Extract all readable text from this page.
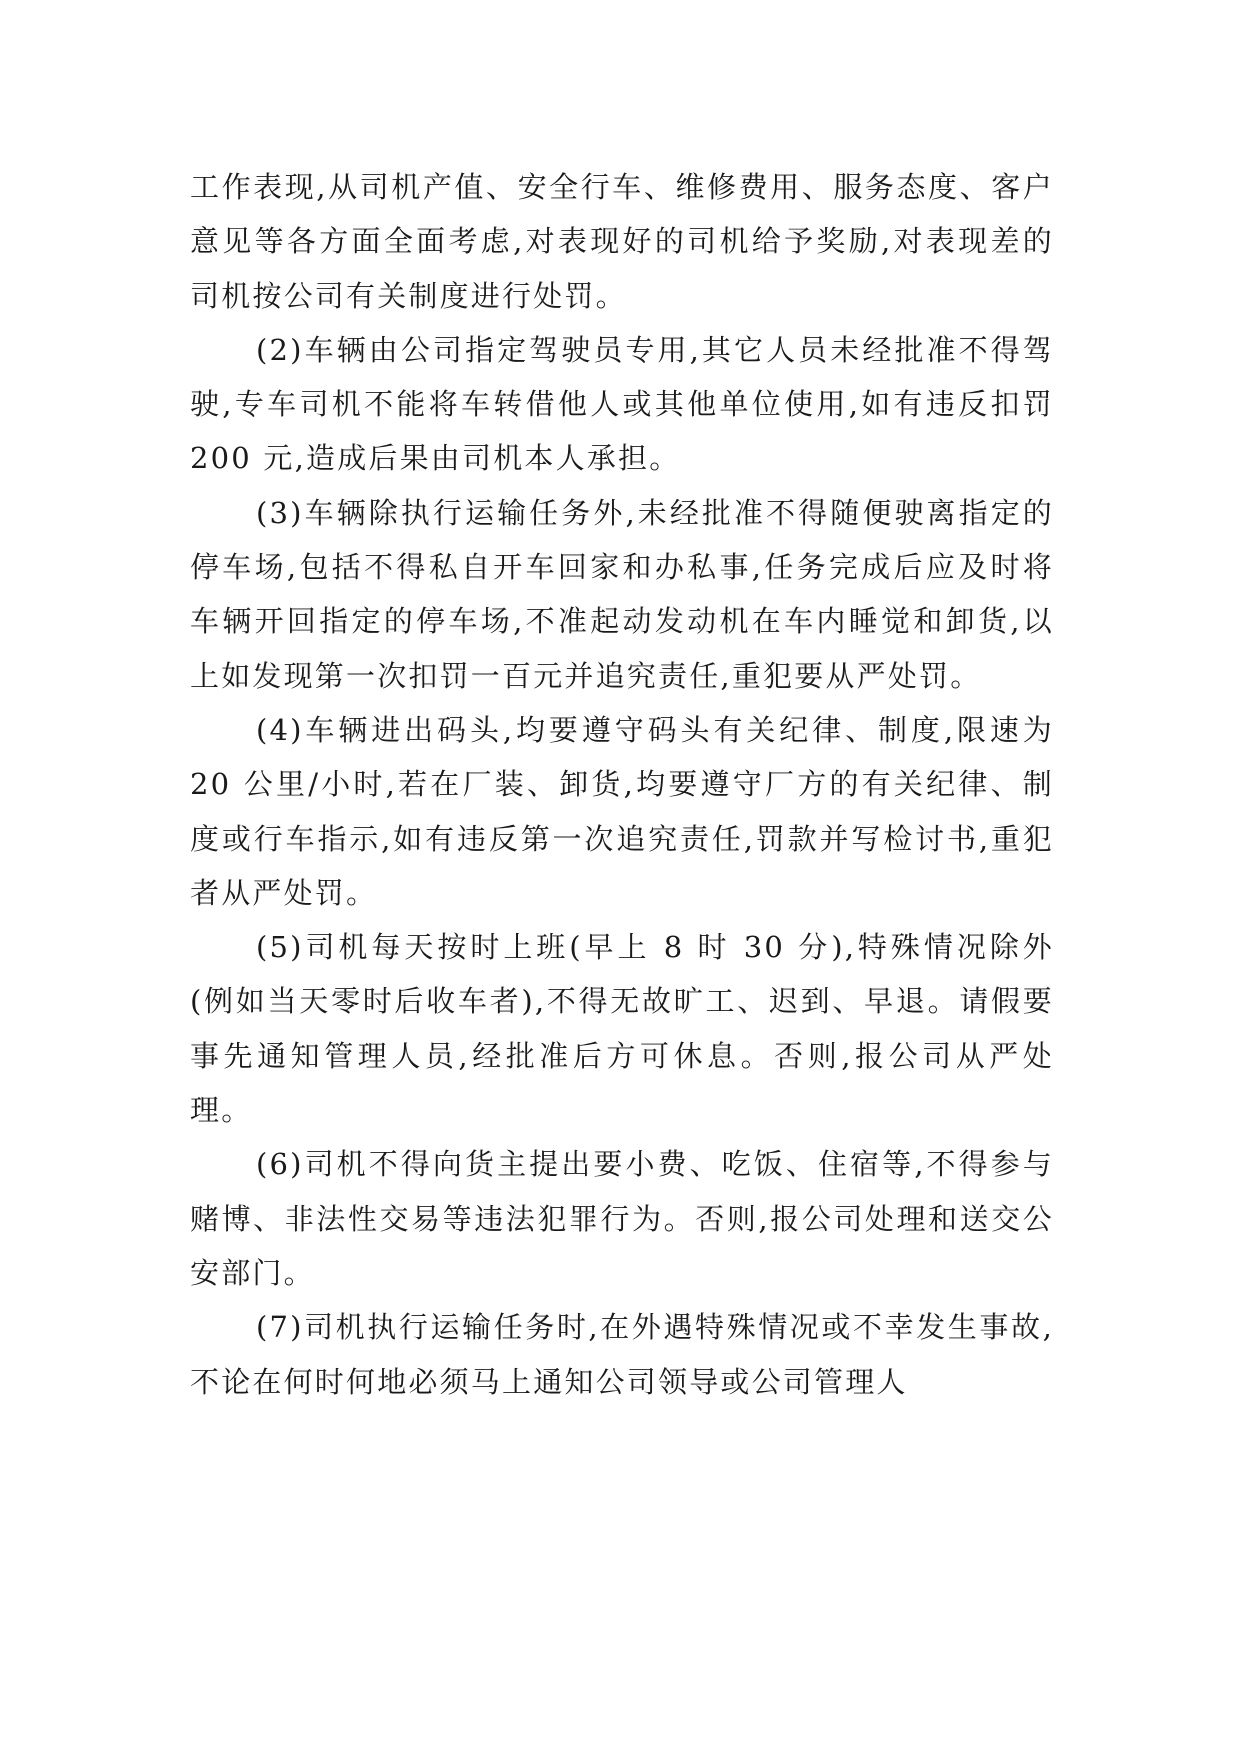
工作表现,从司机产值、安全行车、维修费用、服务态度、客户意见等各方面全面考虑,对表现好的司机给予奖励,对表现差的司机按公司有关制度进行处罚。

(2)车辆由公司指定驾驶员专用,其它人员未经批准不得驾驶,专车司机不能将车转借他人或其他单位使用,如有违反扣罚 200 元,造成后果由司机本人承担。

(3)车辆除执行运输任务外,未经批准不得随便驶离指定的停车场,包括不得私自开车回家和办私事,任务完成后应及时将车辆开回指定的停车场,不准起动发动机在车内睡觉和卸货,以上如发现第一次扣罚一百元并追究责任,重犯要从严处罚。

(4)车辆进出码头,均要遵守码头有关纪律、制度,限速为 20 公里/小时,若在厂装、卸货,均要遵守厂方的有关纪律、制度或行车指示,如有违反第一次追究责任,罚款并写检讨书,重犯者从严处罚。

(5)司机每天按时上班(早上 8 时 30 分),特殊情况除外(例如当天零时后收车者),不得无故旷工、迟到、早退。请假要事先通知管理人员,经批准后方可休息。否则,报公司从严处理。

(6)司机不得向货主提出要小费、吃饭、住宿等,不得参与赌博、非法性交易等违法犯罪行为。否则,报公司处理和送交公安部门。

(7)司机执行运输任务时,在外遇特殊情况或不幸发生事故,不论在何时何地必须马上通知公司领导或公司管理人
